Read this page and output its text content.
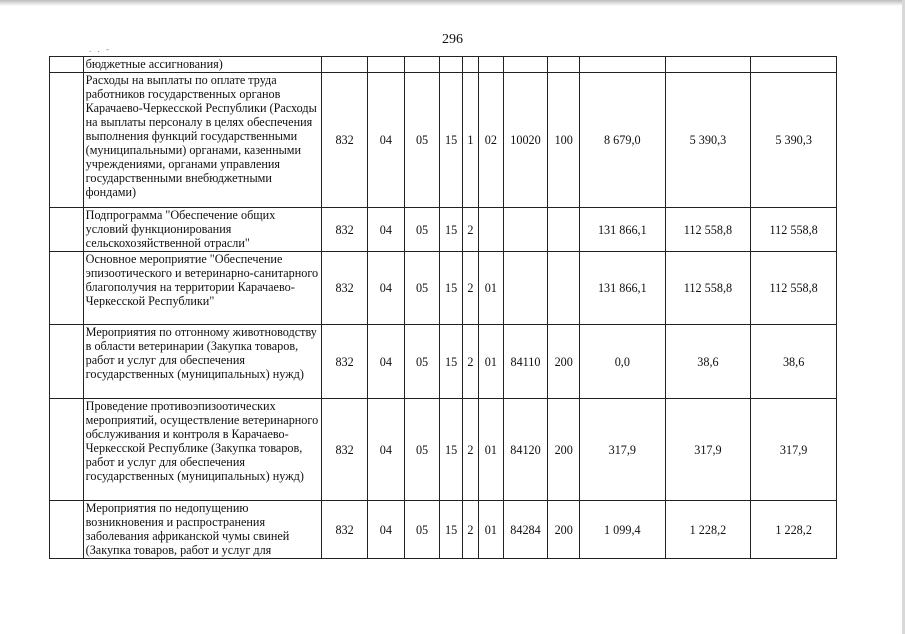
296
. . -
	бюджетные ассигнования)											
	Расходы на выплаты по оплате труда работников государственных органов Карачаево-Черкесской Республики (Расходы на выплаты персоналу в целях обеспечения выполнения функций государственными (муниципальными) органами, казенными учреждениями, органами управления государственными внебюджетными фондами)	832	04	05	15	1	02	10020	100	8 679,0	5 390,3	5 390,3
	Подпрограмма "Обеспечение общих условий функционирования сельскохозяйственной отрасли"	832	04	05	15	2				131 866,1	112 558,8	112 558,8
	Основное мероприятие "Обеспечение эпизоотического и ветеринарно-санитарного благополучия на территории Карачаево-Черкесской Республики"	832	04	05	15	2	01			131 866,1	112 558,8	112 558,8
	Мероприятия по отгонному животноводству в области ветеринарии (Закупка товаров, работ и услуг для обеспечения государственных (муниципальных) нужд)	832	04	05	15	2	01	84110	200	0,0	38,6	38,6
	Проведение противоэпизоотических мероприятий, осуществление ветеринарного обслуживания и контроля в Карачаево-Черкесской Республике (Закупка товаров, работ и услуг для обеспечения государственных (муниципальных) нужд)	832	04	05	15	2	01	84120	200	317,9	317,9	317,9
	Мероприятия по недопущению возникновения и распространения заболевания африканской чумы свиней (Закупка товаров, работ и услуг для	832	04	05	15	2	01	84284	200	1 099,4	1 228,2	1 228,2
